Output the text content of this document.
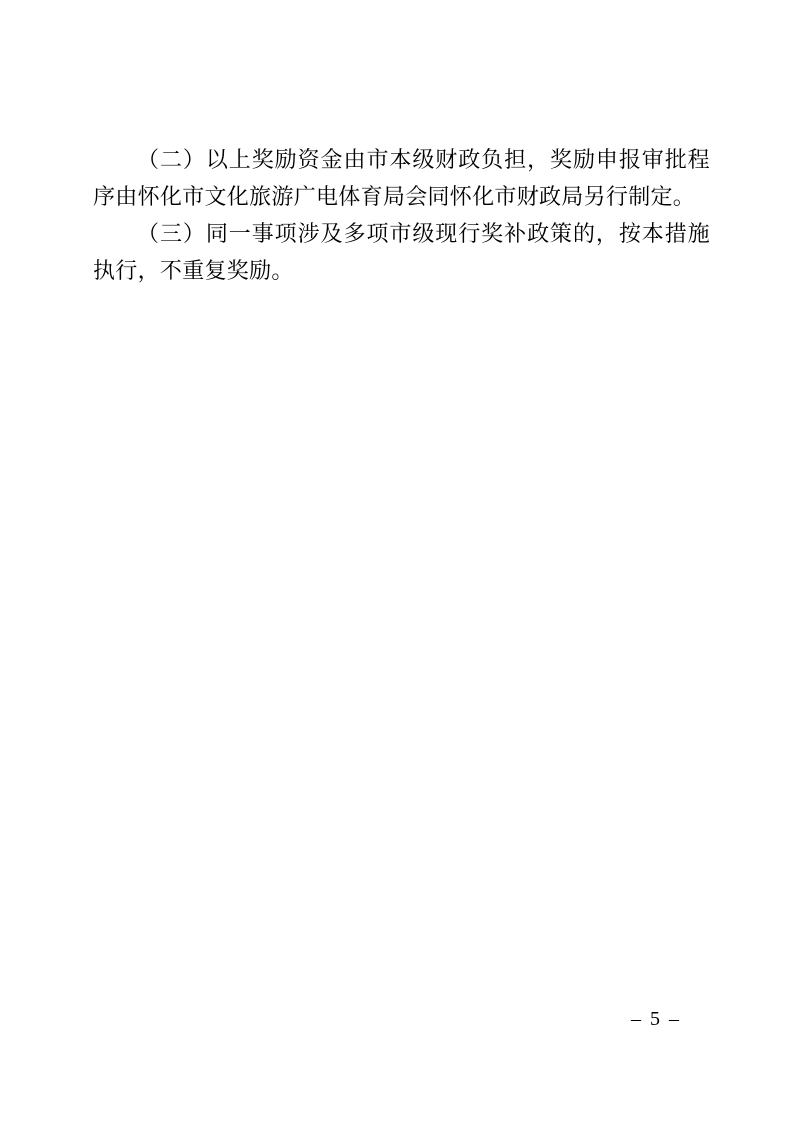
（二）以上奖励资金由市本级财政负担，奖励申报审批程序由怀化市文化旅游广电体育局会同怀化市财政局另行制定。

（三）同一事项涉及多项市级现行奖补政策的，按本措施执行，不重复奖励。

– 5 –
